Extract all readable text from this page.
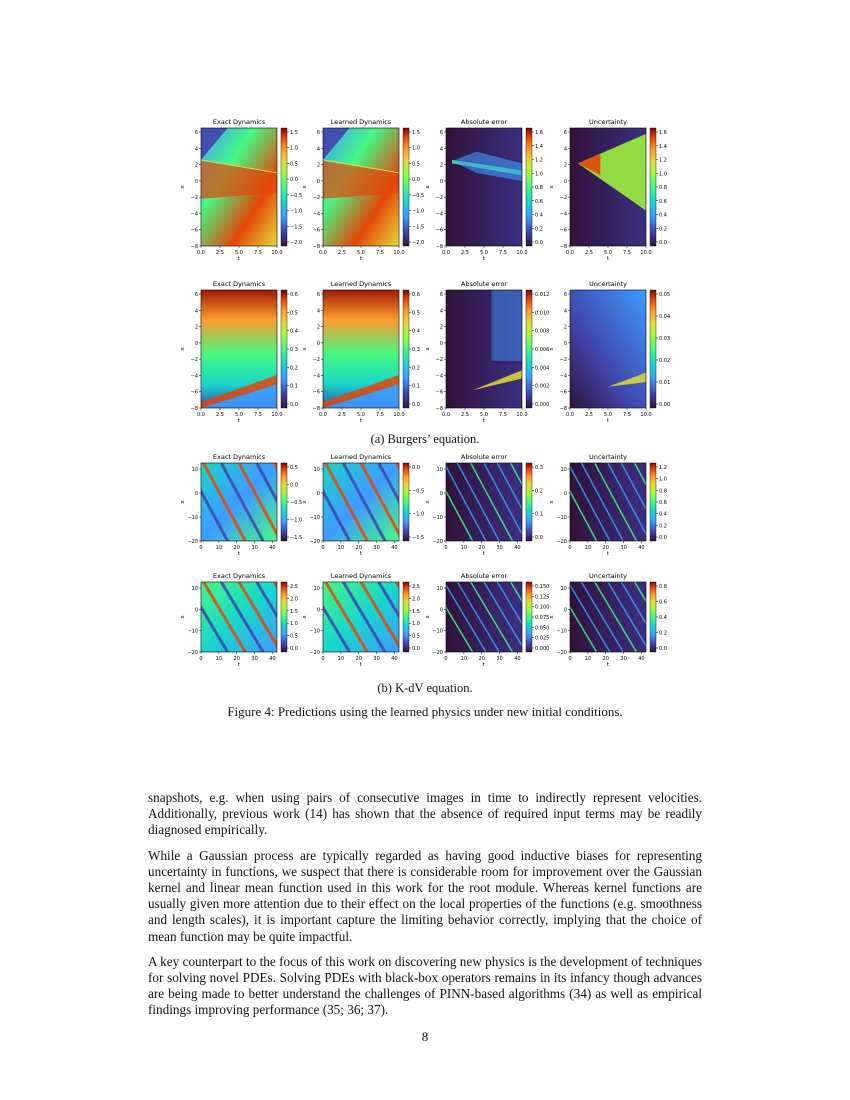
Exact Dynamics
x
6
4
2
0
−2
−4
−6
−8
0.0 2.5 5.0 7.5 10.0
t
1.5
1.0
0.5
0.0
−0.5
−1.0
−1.5
−2.0
Learned Dynamics
x
6
4
2
0
−2
−4
−6
−8
0.0 2.5 5.0 7.5 10.0
t
1.5
1.0
0.5
0.0
−0.5
−1.0
−1.5
−2.0
Absolute error
x
6
4
2
0
−2
−4
−6
−8
0.0 2.5 5.0 7.5 10.0
t
1.6
1.4
1.2
1.0
0.8
0.6
0.4
0.2
0.0
Uncertainty
x
6
4
2
0
−2
−4
−6
−8
0.0 2.5 5.0 7.5 10.0
t
1.6
1.4
1.2
1.0
0.8
0.6
0.4
0.2
0.0
Exact Dynamics
x
6
4
2
0
−2
−4
−6
−8
0.0 2.5 5.0 7.5 10.0
t
0.6
0.5
0.4
0.3
0.2
0.1
0.0
Learned Dynamics
x
6
4
2
0
−2
−4
−6
−8
0.0 2.5 5.0 7.5 10.0
t
0.6
0.5
0.4
0.3
0.2
0.1
0.0
Absolute error
x
6
4
2
0
−2
−4
−6
−8
0.0 2.5 5.0 7.5 10.0
t
0.012
0.010
0.008
0.006
0.004
0.002
0.000
Uncertainty
x
6
4
2
0
−2
−4
−6
−8
0.0 2.5 5.0 7.5 10.0
t
0.05
0.04
0.03
0.02
0.01
0.00
Exact Dynamics
x
10
0
−10
−20
0	10 20 30 40
t
0.5
0.0
−0.5
−1.0
−1.5
Learned Dynamics
x
10
0
−10
−20
0	10 20 30 40
t
0.0
−0.5
−1.0
−1.5
Absolute error
x
10
0
−10
−20
0	10 20 30 40
t
0.3
0.2
0.1
0.0
Uncertainty
x
10
0
−10
−20
0	10 20 30 40
t
1.2
1.0
0.8
0.6
0.4
0.2
0.0
Exact Dynamics
x
10
0
−10
−20
0	10 20 30 40
t
2.5
2.0
1.5
1.0
0.5
0.0
Learned Dynamics
x
10
0
−10
−20
0	10 20 30 40
t
2.5
2.0
1.5
1.0
0.5
0.0
Absolute error
x
10
0
−10
−20
0	10 20 30 40
t
0.150
0.125
0.100
0.075
0.050
0.025
0.000
Uncertainty
x
10
0
−10
−20
0	10 20 30 40
t
0.8
0.6
0.4
0.2
0.0
(a) Burgers’ equation.
(b) K-dV equation.
Figure 4: Predictions using the learned physics under new initial conditions.

snapshots, e.g. when using pairs of consecutive images in time to indirectly represent velocities. Additionally, previous work (14) has shown that the absence of required input terms may be readily diagnosed empirically.

While a Gaussian process are typically regarded as having good inductive biases for representing uncertainty in functions, we suspect that there is considerable room for improvement over the Gaussian kernel and linear mean function used in this work for the root module. Whereas kernel functions are usually given more attention due to their effect on the local properties of the functions (e.g. smoothness and length scales), it is important capture the limiting behavior correctly, implying that the choice of mean function may be quite impactful.

A key counterpart to the focus of this work on discovering new physics is the development of techniques for solving novel PDEs. Solving PDEs with black-box operators remains in its infancy though advances are being made to better understand the challenges of PINN-based algorithms (34) as well as empirical findings improving performance (35; 36; 37).

8
